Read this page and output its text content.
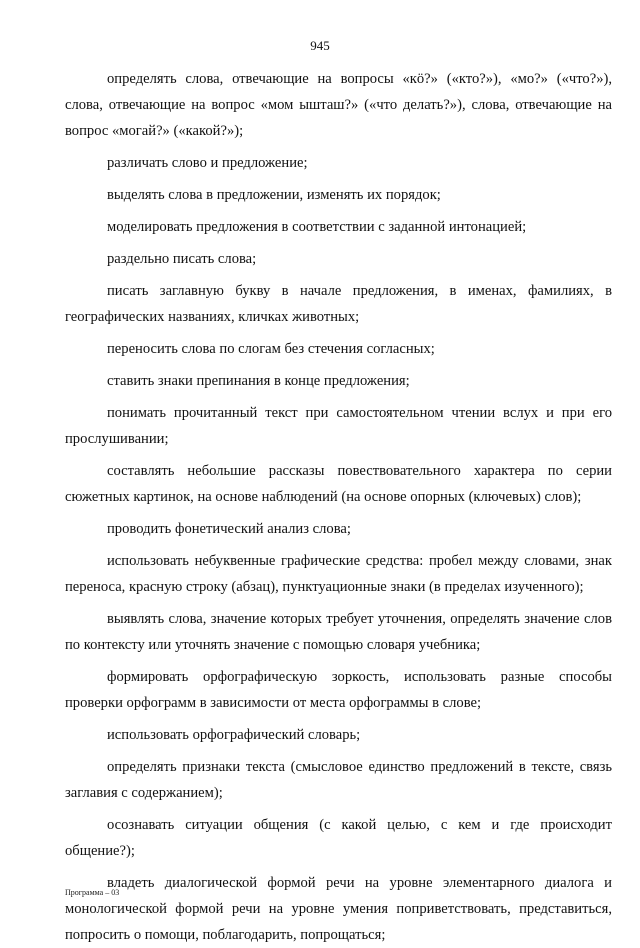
945

определять слова, отвечающие на вопросы «кӧ?» («кто?»), «мо?» («что?»), слова, отвечающие на вопрос «мом ышташ?» («что делать?»), слова, отвечающие на вопрос «могай?» («какой?»);

различать слово и предложение;

выделять слова в предложении, изменять их порядок;

моделировать предложения в соответствии с заданной интонацией;

раздельно писать слова;

писать заглавную букву в начале предложения, в именах, фамилиях, в географических названиях, кличках животных;

переносить слова по слогам без стечения согласных;

ставить знаки препинания в конце предложения;

понимать прочитанный текст при самостоятельном чтении вслух и при его прослушивании;

составлять небольшие рассказы повествовательного характера по серии сюжетных картинок, на основе наблюдений (на основе опорных (ключевых) слов);

проводить фонетический анализ слова;

использовать небуквенные графические средства: пробел между словами, знак переноса, красную строку (абзац), пунктуационные знаки (в пределах изученного);

выявлять слова, значение которых требует уточнения, определять значение слов по контексту или уточнять значение с помощью словаря учебника;

формировать орфографическую зоркость, использовать разные способы проверки орфограмм в зависимости от места орфограммы в слове;

использовать орфографический словарь;

определять признаки текста (смысловое единство предложений в тексте, связь заглавия с содержанием);

осознавать ситуации общения (с какой целью, с кем и где происходит общение?);

владеть диалогической формой речи на уровне элементарного диалога и монологической формой речи на уровне умения поприветствовать, представиться, попросить о помощи, поблагодарить, попрощаться;

Программа – 03
